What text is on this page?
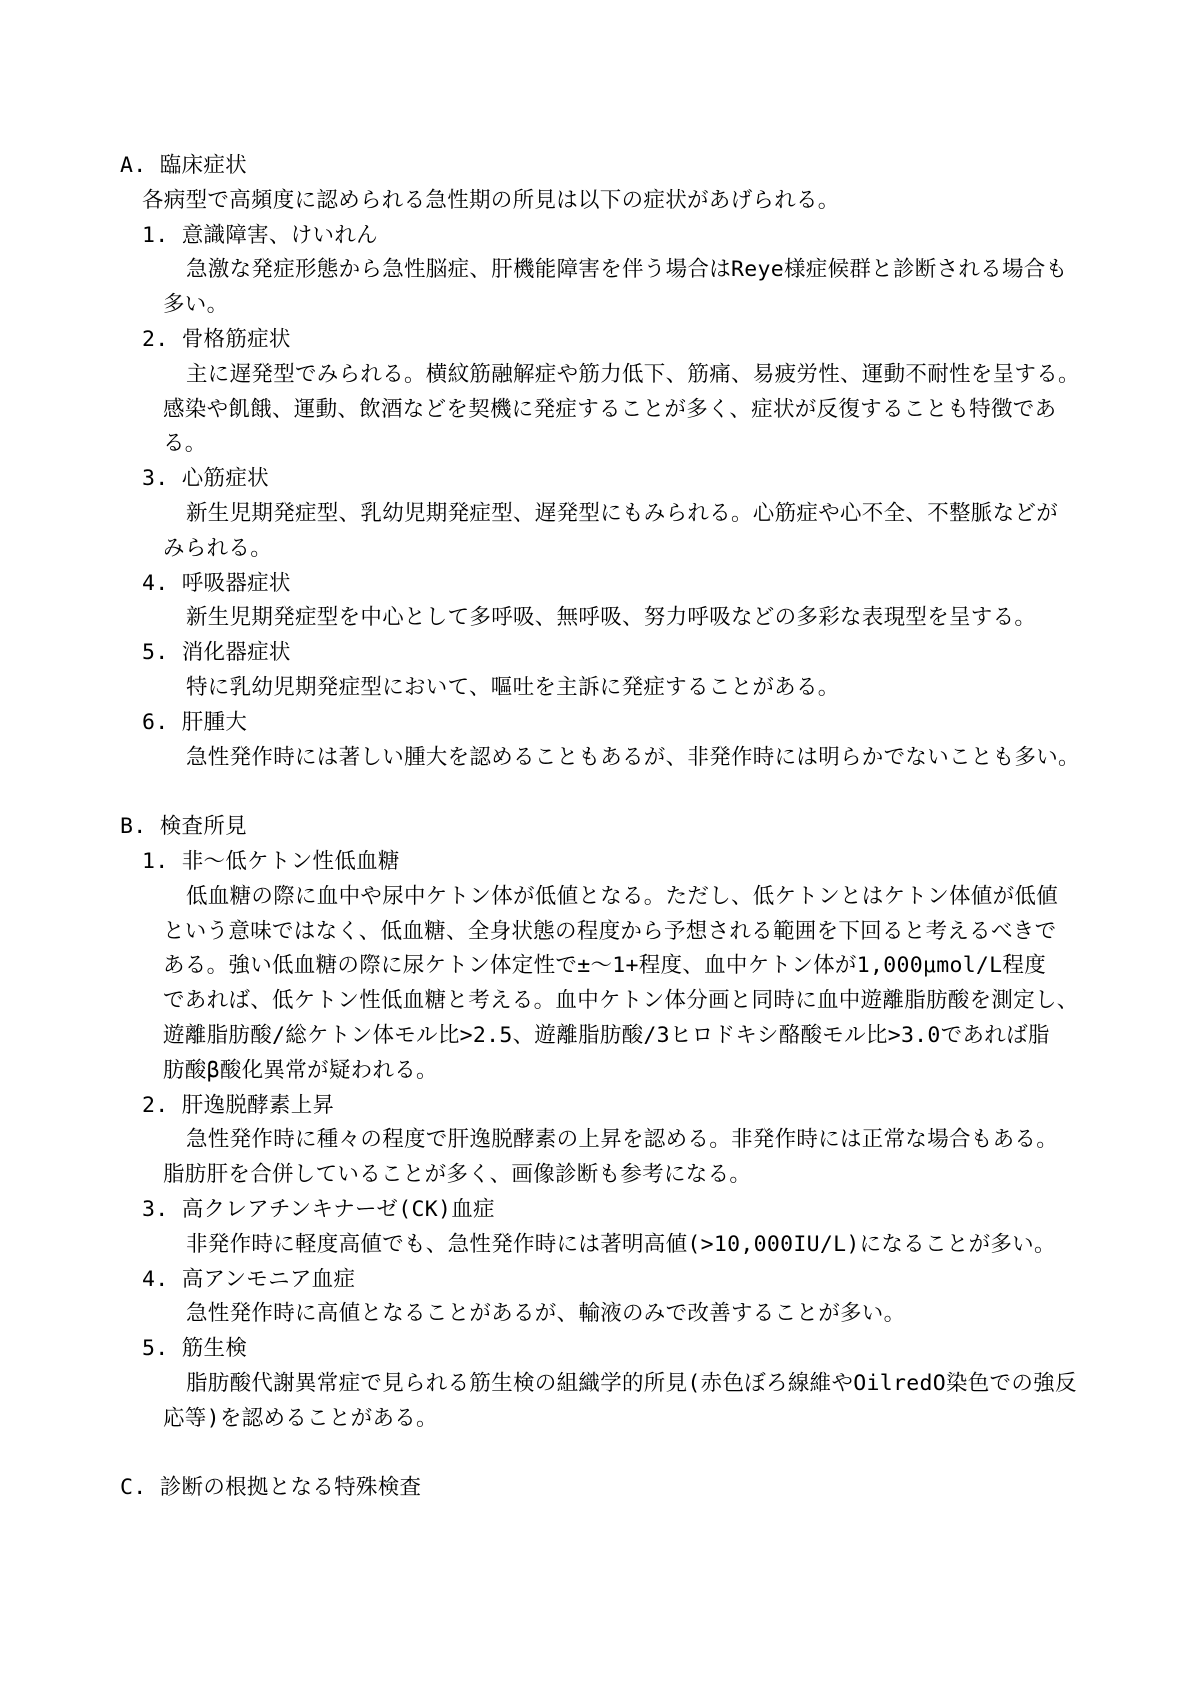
A. 臨床症状
各病型で高頻度に認められる急性期の所見は以下の症状があげられる。
1. 意識障害、けいれん
急激な発症形態から急性脳症、肝機能障害を伴う場合はReye様症候群と診断される場合も
多い。
2. 骨格筋症状
主に遅発型でみられる。横紋筋融解症や筋力低下、筋痛、易疲労性、運動不耐性を呈する。
感染や飢餓、運動、飲酒などを契機に発症することが多く、症状が反復することも特徴であ
る。
3. 心筋症状
新生児期発症型、乳幼児期発症型、遅発型にもみられる。心筋症や心不全、不整脈などが
みられる。
4. 呼吸器症状
新生児期発症型を中心として多呼吸、無呼吸、努力呼吸などの多彩な表現型を呈する。
5. 消化器症状
特に乳幼児期発症型において、嘔吐を主訴に発症することがある。
6. 肝腫大
急性発作時には著しい腫大を認めることもあるが、非発作時には明らかでないことも多い。
B. 検査所見
1. 非〜低ケトン性低血糖
低血糖の際に血中や尿中ケトン体が低値となる。ただし、低ケトンとはケトン体値が低値
という意味ではなく、低血糖、全身状態の程度から予想される範囲を下回ると考えるべきで
ある。強い低血糖の際に尿ケトン体定性で±〜1+程度、血中ケトン体が1,000μmol/L程度
であれば、低ケトン性低血糖と考える。血中ケトン体分画と同時に血中遊離脂肪酸を測定し、
遊離脂肪酸/総ケトン体モル比>2.5、遊離脂肪酸/3ヒロドキシ酪酸モル比>3.0であれば脂
肪酸β酸化異常が疑われる。
2. 肝逸脱酵素上昇
急性発作時に種々の程度で肝逸脱酵素の上昇を認める。非発作時には正常な場合もある。
脂肪肝を合併していることが多く、画像診断も参考になる。
3. 高クレアチンキナーゼ(CK)血症
非発作時に軽度高値でも、急性発作時には著明高値(>10,000IU/L)になることが多い。
4. 高アンモニア血症
急性発作時に高値となることがあるが、輸液のみで改善することが多い。
5. 筋生検
脂肪酸代謝異常症で見られる筋生検の組織学的所見(赤色ぼろ線維やOilredO染色での強反
応等)を認めることがある。
C. 診断の根拠となる特殊検査
